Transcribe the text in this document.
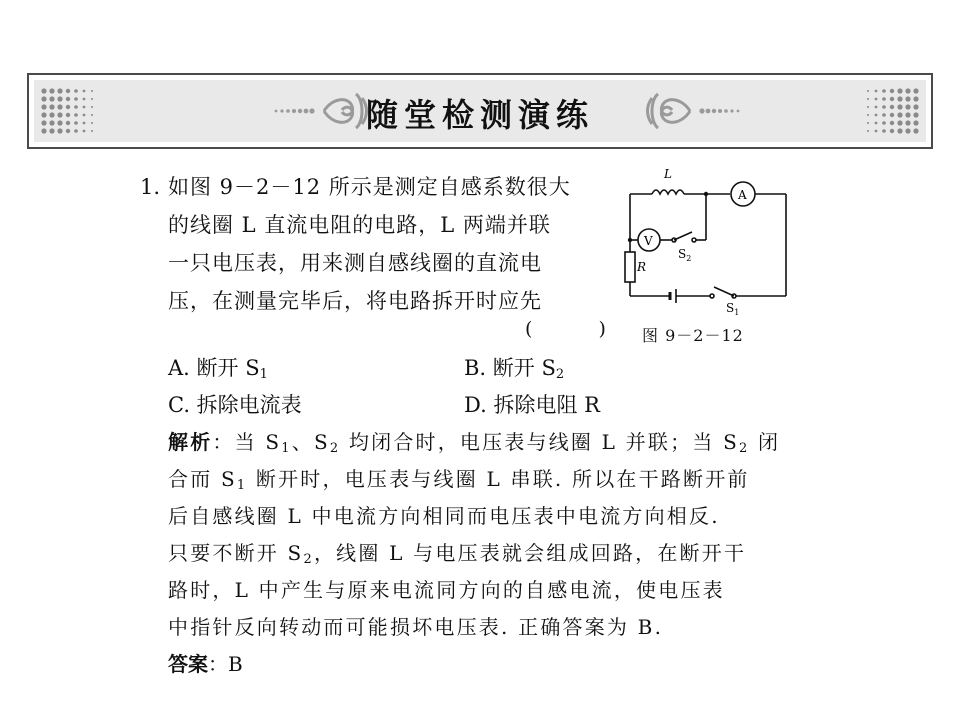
随堂检测演练
1. 如图 9－2－12 所示是测定自感系数很大
的线圈 L 直流电阻的电路，L 两端并联
一只电压表，用来测自感线圈的直流电
压，在测量完毕后，将电路拆开时应先
( )
L
R
V
A
$S_2$
$S_1$
图 9－2－12
A. 断开 $S_1$	B. 断开 $S_2$
C. 拆除电流表	D. 拆除电阻 R
解析：当 $S_1$、$S_2$ 均闭合时，电压表与线圈 L 并联；当 $S_2$ 闭
合而 $S_1$ 断开时，电压表与线圈 L 串联. 所以在干路断开前
后自感线圈 L 中电流方向相同而电压表中电流方向相反.
只要不断开 $S_2$，线圈 L 与电压表就会组成回路，在断开干
路时，L 中产生与原来电流同方向的自感电流，使电压表
中指针反向转动而可能损坏电压表. 正确答案为 B.
答案：B
